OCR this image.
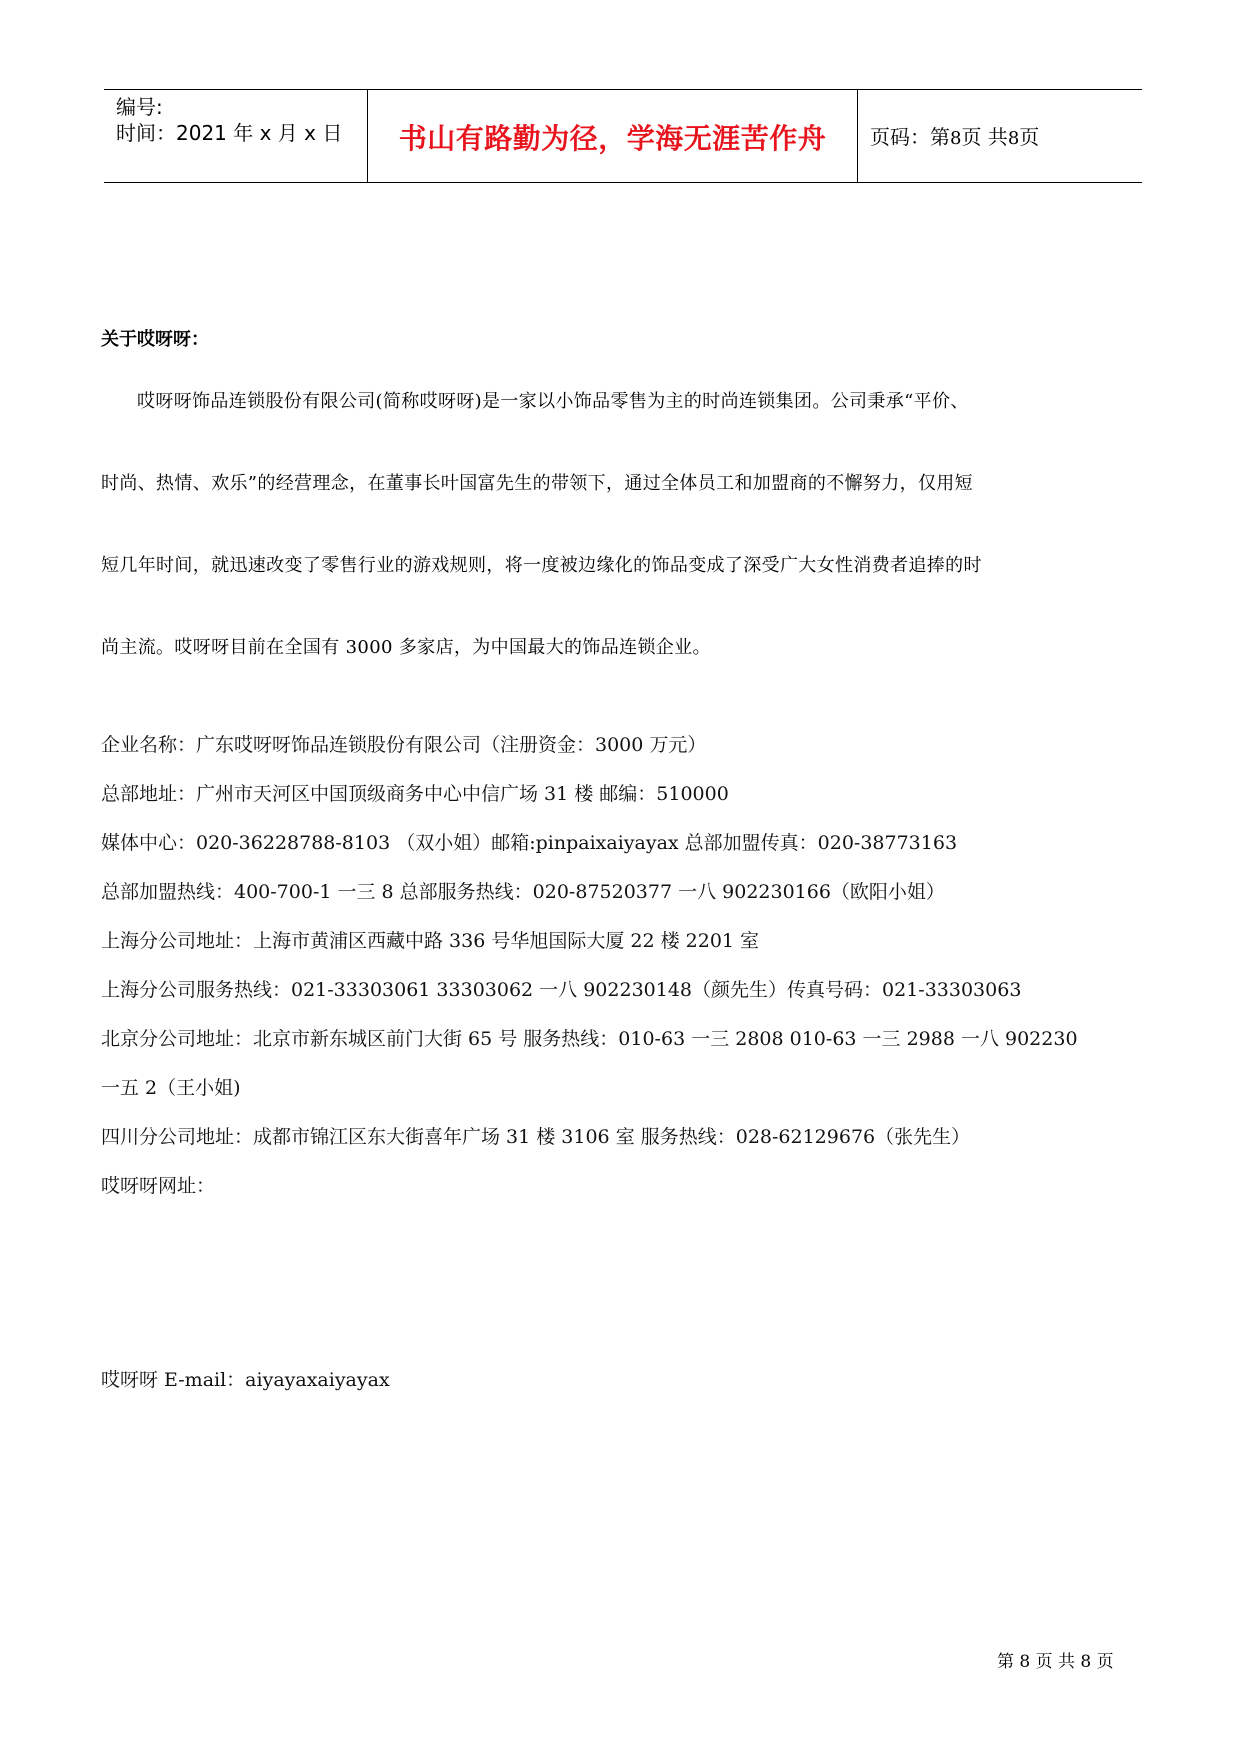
编号:
时间：2021 年 x 月 x 日	书山有路勤为径，学海无涯苦作舟	页码：第8页 共8页
关于哎呀呀：
哎呀呀饰品连锁股份有限公司(简称哎呀呀)是一家以小饰品零售为主的时尚连锁集团。公司秉承“平价、
时尚、热情、欢乐”的经营理念，在董事长叶国富先生的带领下，通过全体员工和加盟商的不懈努力，仅用短
短几年时间，就迅速改变了零售行业的游戏规则，将一度被边缘化的饰品变成了深受广大女性消费者追捧的时
尚主流。哎呀呀目前在全国有 3000 多家店，为中国最大的饰品连锁企业。
企业名称：广东哎呀呀饰品连锁股份有限公司（注册资金：3000 万元）
总部地址：广州市天河区中国顶级商务中心中信广场 31 楼 邮编：510000
媒体中心：020-36228788-8103 （双小姐）邮箱:pinpaixaiyayax 总部加盟传真：020-38773163
总部加盟热线：400-700-1 一三 8 总部服务热线：020-87520377 一八 902230166（欧阳小姐）
上海分公司地址：上海市黄浦区西藏中路 336 号华旭国际大厦 22 楼 2201 室
上海分公司服务热线：021-33303061 33303062 一八 902230148（颜先生）传真号码：021-33303063
北京分公司地址：北京市新东城区前门大街 65 号 服务热线：010-63 一三 2808 010-63 一三 2988 一八 902230
一五 2（王小姐)
四川分公司地址：成都市锦江区东大街喜年广场 31 楼 3106 室 服务热线：028-62129676（张先生）
哎呀呀网址：
哎呀呀 E-mail：aiyayaxaiyayax
第 8 页 共 8 页
